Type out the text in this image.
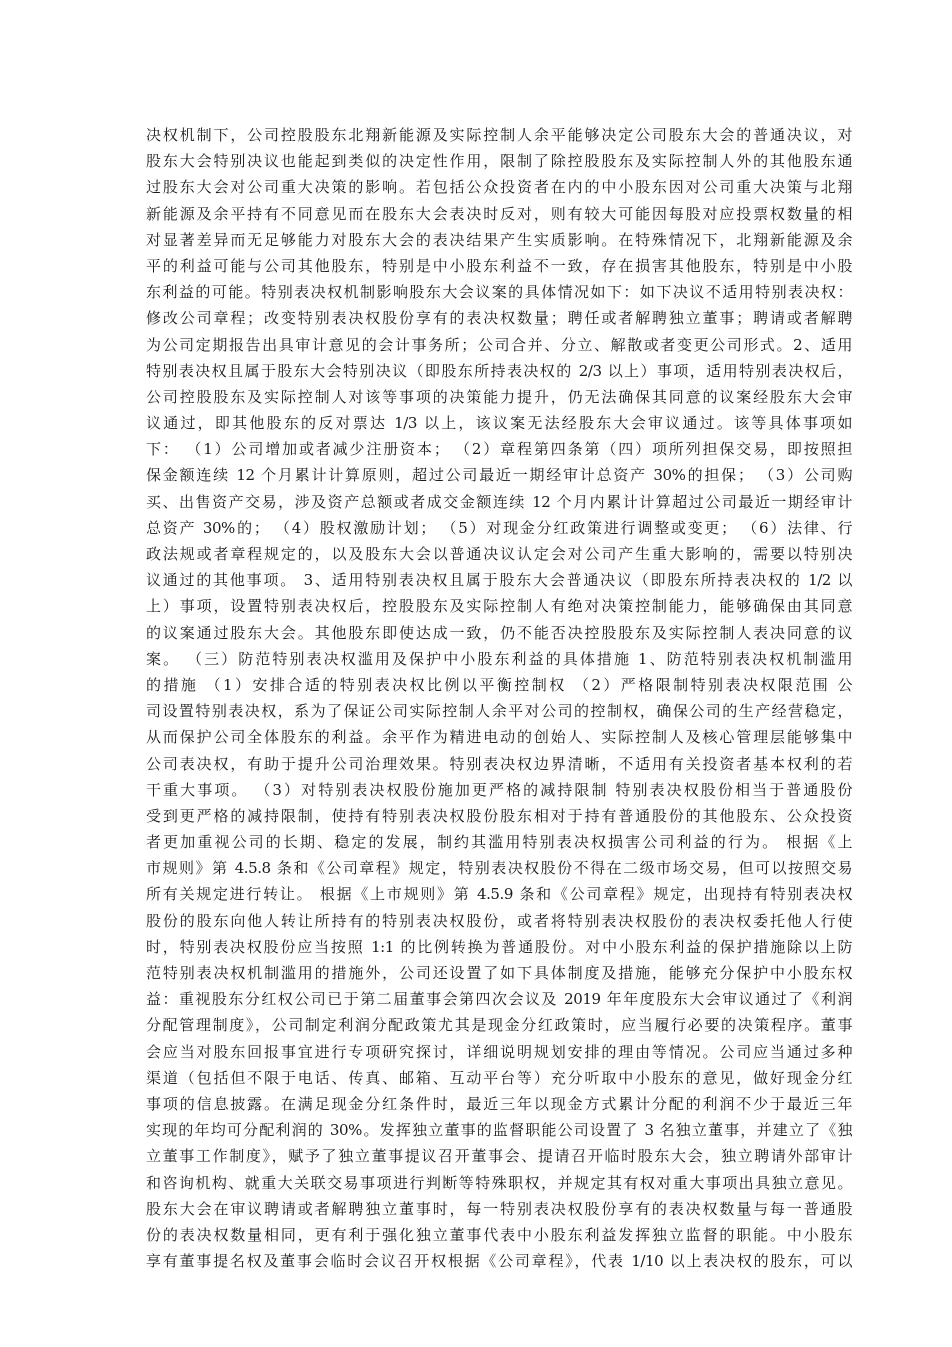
决权机制下，公司控股股东北翔新能源及实际控制人余平能够决定公司股东大会的普通决议，对
股东大会特别决议也能起到类似的决定性作用，限制了除控股股东及实际控制人外的其他股东通
过股东大会对公司重大决策的影响。若包括公众投资者在内的中小股东因对公司重大决策与北翔
新能源及余平持有不同意见而在股东大会表决时反对，则有较大可能因每股对应投票权数量的相
对显著差异而无足够能力对股东大会的表决结果产生实质影响。在特殊情况下，北翔新能源及余
平的利益可能与公司其他股东，特别是中小股东利益不一致，存在损害其他股东，特别是中小股
东利益的可能。特别表决权机制影响股东大会议案的具体情况如下：如下决议不适用特别表决权：
修改公司章程；改变特别表决权股份享有的表决权数量；聘任或者解聘独立董事；聘请或者解聘
为公司定期报告出具审计意见的会计事务所；公司合并、分立、解散或者变更公司形式。2、适用
特别表决权且属于股东大会特别决议（即股东所持表决权的 2/3 以上）事项，适用特别表决权后，
公司控股股东及实际控制人对该等事项的决策能力提升，仍无法确保其同意的议案经股东大会审
议通过，即其他股东的反对票达 1/3 以上，该议案无法经股东大会审议通过。该等具体事项如
下： （1）公司增加或者减少注册资本； （2）章程第四条第（四）项所列担保交易，即按照担
保金额连续 12 个月累计计算原则，超过公司最近一期经审计总资产 30%的担保； （3）公司购
买、出售资产交易，涉及资产总额或者成交金额连续 12 个月内累计计算超过公司最近一期经审计
总资产 30%的； （4）股权激励计划； （5）对现金分红政策进行调整或变更； （6）法律、行
政法规或者章程规定的，以及股东大会以普通决议认定会对公司产生重大影响的，需要以特别决
议通过的其他事项。 3、适用特别表决权且属于股东大会普通决议（即股东所持表决权的 1/2 以
上）事项，设置特别表决权后，控股股东及实际控制人有绝对决策控制能力，能够确保由其同意
的议案通过股东大会。其他股东即使达成一致，仍不能否决控股股东及实际控制人表决同意的议
案。 （三）防范特别表决权滥用及保护中小股东利益的具体措施 1、防范特别表决权机制滥用
的措施 （1）安排合适的特别表决权比例以平衡控制权 （2）严格限制特别表决权限范围 公
司设置特别表决权，系为了保证公司实际控制人余平对公司的控制权，确保公司的生产经营稳定，
从而保护公司全体股东的利益。余平作为精进电动的创始人、实际控制人及核心管理层能够集中
公司表决权，有助于提升公司治理效果。特别表决权边界清晰，不适用有关投资者基本权利的若
干重大事项。 （3）对特别表决权股份施加更严格的减持限制 特别表决权股份相当于普通股份
受到更严格的减持限制，使持有特别表决权股份股东相对于持有普通股份的其他股东、公众投资
者更加重视公司的长期、稳定的发展，制约其滥用特别表决权损害公司利益的行为。 根据《上
市规则》第 4.5.8 条和《公司章程》规定，特别表决权股份不得在二级市场交易，但可以按照交易
所有关规定进行转让。 根据《上市规则》第 4.5.9 条和《公司章程》规定，出现持有特别表决权
股份的股东向他人转让所持有的特别表决权股份，或者将特别表决权股份的表决权委托他人行使
时，特别表决权股份应当按照 1:1 的比例转换为普通股份。对中小股东利益的保护措施除以上防
范特别表决权机制滥用的措施外，公司还设置了如下具体制度及措施，能够充分保护中小股东权
益：重视股东分红权公司已于第二届董事会第四次会议及 2019 年年度股东大会审议通过了《利润
分配管理制度》，公司制定利润分配政策尤其是现金分红政策时，应当履行必要的决策程序。董事
会应当对股东回报事宜进行专项研究探讨，详细说明规划安排的理由等情况。公司应当通过多种
渠道（包括但不限于电话、传真、邮箱、互动平台等）充分听取中小股东的意见，做好现金分红
事项的信息披露。在满足现金分红条件时，最近三年以现金方式累计分配的利润不少于最近三年
实现的年均可分配利润的 30%。发挥独立董事的监督职能公司设置了 3 名独立董事，并建立了《独
立董事工作制度》，赋予了独立董事提议召开董事会、提请召开临时股东大会，独立聘请外部审计
和咨询机构、就重大关联交易事项进行判断等特殊职权，并规定其有权对重大事项出具独立意见。
股东大会在审议聘请或者解聘独立董事时，每一特别表决权股份享有的表决权数量与每一普通股
份的表决权数量相同，更有利于强化独立董事代表中小股东利益发挥独立监督的职能。中小股东
享有董事提名权及董事会临时会议召开权根据《公司章程》，代表 1/10 以上表决权的股东，可以
